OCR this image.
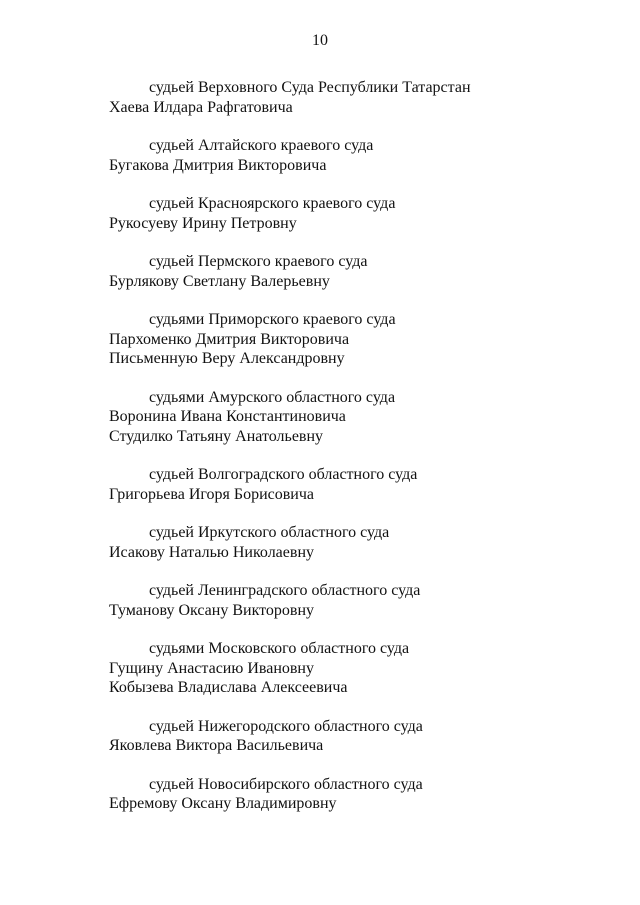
10
судьей Верховного Суда Республики Татарстан
Хаева Илдара Рафгатовича
судьей Алтайского краевого суда
Бугакова Дмитрия Викторовича
судьей Красноярского краевого суда
Рукосуеву Ирину Петровну
судьей Пермского краевого суда
Бурлякову Светлану Валерьевну
судьями Приморского краевого суда
Пархоменко Дмитрия Викторовича
Письменную Веру Александровну
судьями Амурского областного суда
Воронина Ивана Константиновича
Студилко Татьяну Анатольевну
судьей Волгоградского областного суда
Григорьева Игоря Борисовича
судьей Иркутского областного суда
Исакову Наталью Николаевну
судьей Ленинградского областного суда
Туманову Оксану Викторовну
судьями Московского областного суда
Гущину Анастасию Ивановну
Кобызева Владислава Алексеевича
судьей Нижегородского областного суда
Яковлева Виктора Васильевича
судьей Новосибирского областного суда
Ефремову Оксану Владимировну
